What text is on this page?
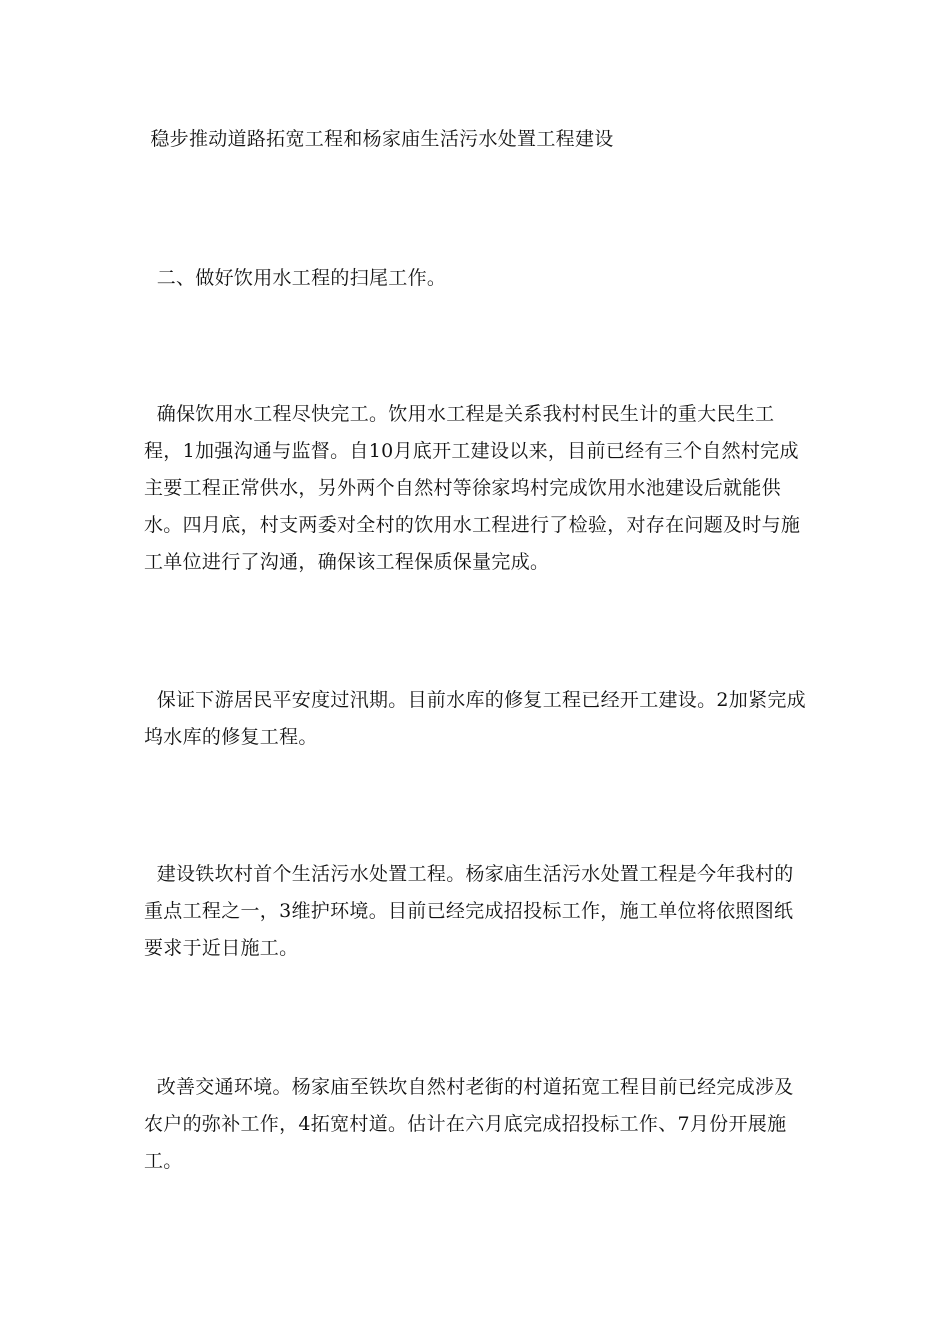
稳步推动道路拓宽工程和杨家庙生活污水处置工程建设

二、做好饮用水工程的扫尾工作。

确保饮用水工程尽快完工。饮用水工程是关系我村村民生计的重大民生工程，1加强沟通与监督。自10月底开工建设以来，目前已经有三个自然村完成主要工程正常供水，另外两个自然村等徐家坞村完成饮用水池建设后就能供水。四月底，村支两委对全村的饮用水工程进行了检验，对存在问题及时与施工单位进行了沟通，确保该工程保质保量完成。

保证下游居民平安度过汛期。目前水库的修复工程已经开工建设。2加紧完成坞水库的修复工程。

建设铁坎村首个生活污水处置工程。杨家庙生活污水处置工程是今年我村的重点工程之一，3维护环境。目前已经完成招投标工作，施工单位将依照图纸要求于近日施工。

改善交通环境。杨家庙至铁坎自然村老街的村道拓宽工程目前已经完成涉及农户的弥补工作，4拓宽村道。估计在六月底完成招投标工作、7月份开展施工。
